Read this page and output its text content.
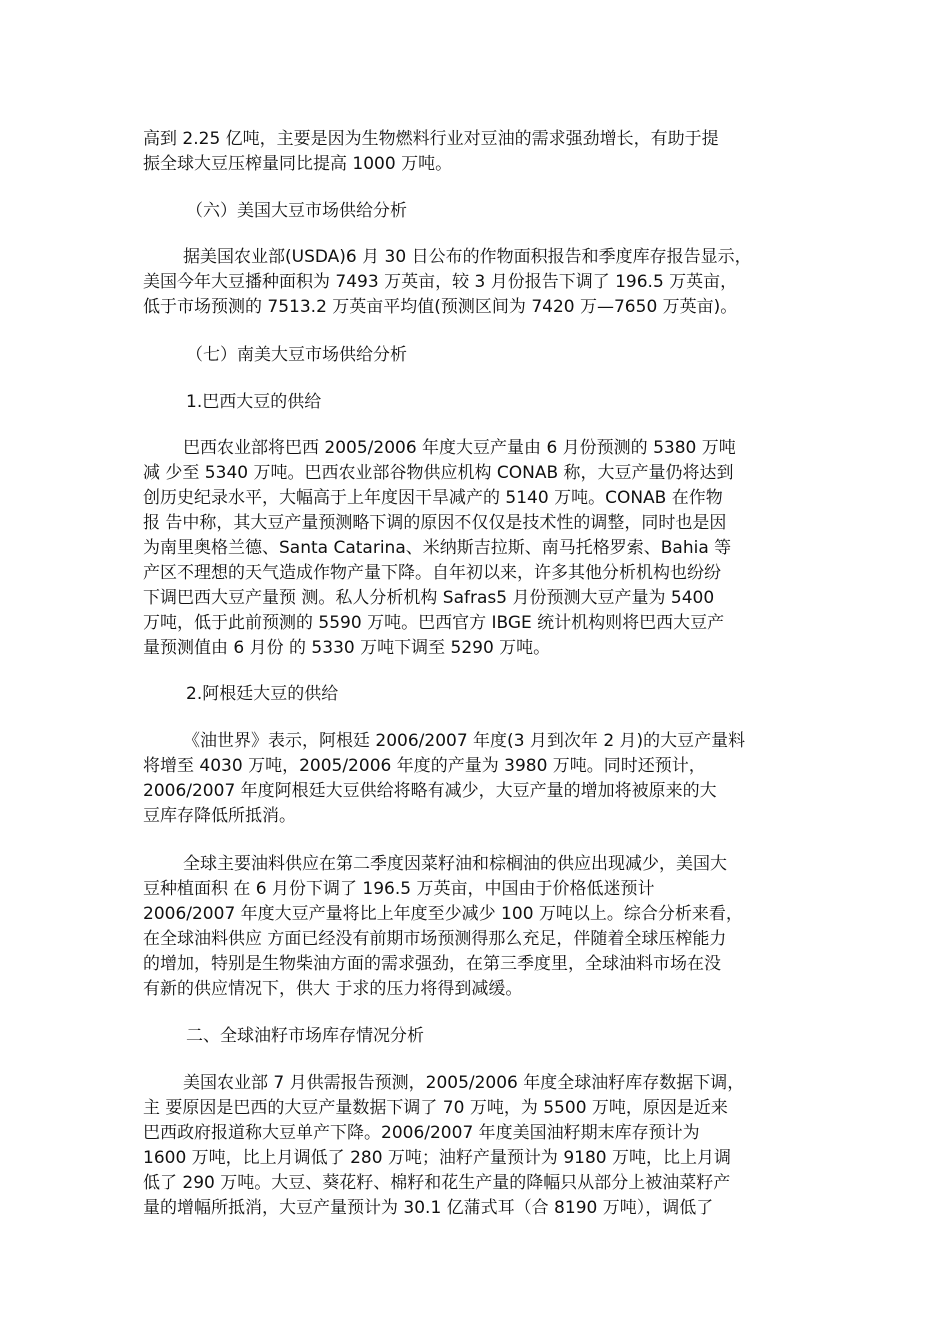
高到 2.25 亿吨，主要是因为生物燃料行业对豆油的需求强劲增长，有助于提
振全球大豆压榨量同比提高 1000 万吨。
（六）美国大豆市场供给分析
据美国农业部(USDA)6 月 30 日公布的作物面积报告和季度库存报告显示，
美国今年大豆播种面积为 7493 万英亩，较 3 月份报告下调了 196.5 万英亩，
低于市场预测的 7513.2 万英亩平均值(预测区间为 7420 万—7650 万英亩)。
（七）南美大豆市场供给分析
1.巴西大豆的供给
巴西农业部将巴西 2005/2006 年度大豆产量由 6 月份预测的 5380 万吨
减 少至 5340 万吨。巴西农业部谷物供应机构 CONAB 称，大豆产量仍将达到
创历史纪录水平，大幅高于上年度因干旱减产的 5140 万吨。CONAB 在作物
报 告中称，其大豆产量预测略下调的原因不仅仅是技术性的调整，同时也是因
为南里奥格兰德、Santa Catarina、米纳斯吉拉斯、南马托格罗索、Bahia 等
产区不理想的天气造成作物产量下降。自年初以来，许多其他分析机构也纷纷
下调巴西大豆产量预 测。私人分析机构 Safras5 月份预测大豆产量为 5400
万吨，低于此前预测的 5590 万吨。巴西官方 IBGE 统计机构则将巴西大豆产
量预测值由 6 月份 的 5330 万吨下调至 5290 万吨。
2.阿根廷大豆的供给
《油世界》表示，阿根廷 2006/2007 年度(3 月到次年 2 月)的大豆产量料
将增至 4030 万吨，2005/2006 年度的产量为 3980 万吨。同时还预计，
2006/2007 年度阿根廷大豆供给将略有减少，大豆产量的增加将被原来的大
豆库存降低所抵消。
全球主要油料供应在第二季度因菜籽油和棕榈油的供应出现减少，美国大
豆种植面积 在 6 月份下调了 196.5 万英亩，中国由于价格低迷预计
2006/2007 年度大豆产量将比上年度至少减少 100 万吨以上。综合分析来看，
在全球油料供应 方面已经没有前期市场预测得那么充足，伴随着全球压榨能力
的增加，特别是生物柴油方面的需求强劲，在第三季度里，全球油料市场在没
有新的供应情况下，供大 于求的压力将得到减缓。
二、全球油籽市场库存情况分析
美国农业部 7 月供需报告预测，2005/2006 年度全球油籽库存数据下调，
主 要原因是巴西的大豆产量数据下调了 70 万吨，为 5500 万吨，原因是近来
巴西政府报道称大豆单产下降。2006/2007 年度美国油籽期末库存预计为
1600 万吨，比上月调低了 280 万吨；油籽产量预计为 9180 万吨，比上月调
低了 290 万吨。大豆、葵花籽、棉籽和花生产量的降幅只从部分上被油菜籽产
量的增幅所抵消，大豆产量预计为 30.1 亿蒲式耳（合 8190 万吨），调低了
